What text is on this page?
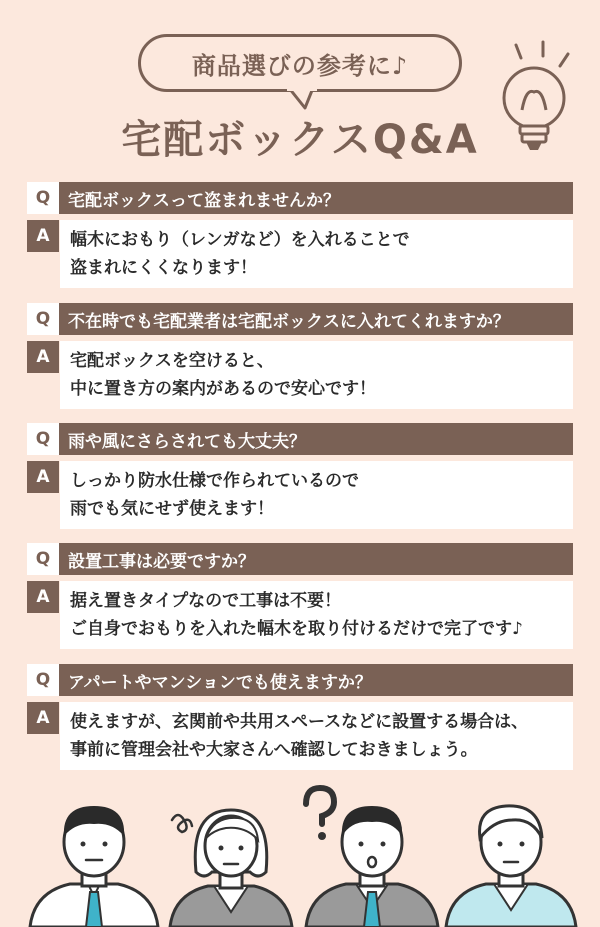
商品選びの参考に♪
宅配ボックスQ&A
Q	宅配ボックスって盗まれませんか？
A	幅木におもり（レンガなど）を入れることで
盗まれにくくなります！
Q	不在時でも宅配業者は宅配ボックスに入れてくれますか？
A	宅配ボックスを空けると、
中に置き方の案内があるので安心です！
Q	雨や風にさらされても大丈夫？
A	しっかり防水仕様で作られているので
雨でも気にせず使えます！
Q	設置工事は必要ですか？
A	据え置きタイプなので工事は不要！
ご自身でおもりを入れた幅木を取り付けるだけで完了です♪
Q	アパートやマンションでも使えますか？
A	使えますが、玄関前や共用スペースなどに設置する場合は、
事前に管理会社や大家さんへ確認しておきましょう。
